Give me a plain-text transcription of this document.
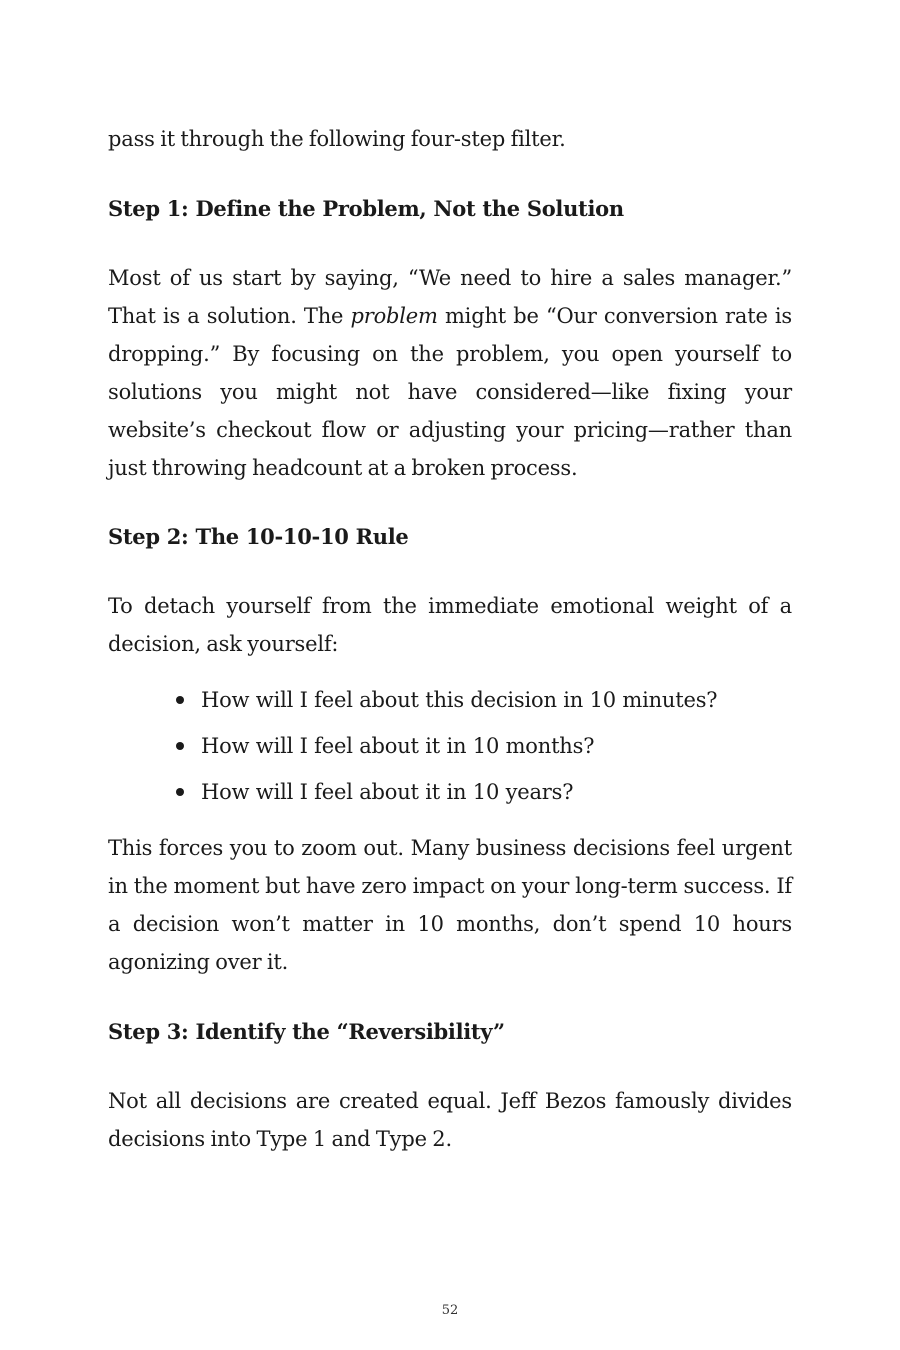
pass it through the following four-step filter.

Step 1: Define the Problem, Not the Solution

Most of us start by saying, “We need to hire a sales manager.” That is a solution. The problem might be “Our conversion rate is dropping.” By focusing on the problem, you open yourself to solutions you might not have considered—like fixing your website’s checkout flow or adjusting your pricing—rather than just throwing headcount at a broken process.

Step 2: The 10-10-10 Rule

To detach yourself from the immediate emotional weight of a decision, ask yourself:

How will I feel about this decision in 10 minutes?
How will I feel about it in 10 months?
How will I feel about it in 10 years?

This forces you to zoom out. Many business decisions feel urgent in the moment but have zero impact on your long-term success. If a decision won’t matter in 10 months, don’t spend 10 hours agonizing over it.

Step 3: Identify the “Reversibility”

Not all decisions are created equal. Jeff Bezos famously divides decisions into Type 1 and Type 2.

52
